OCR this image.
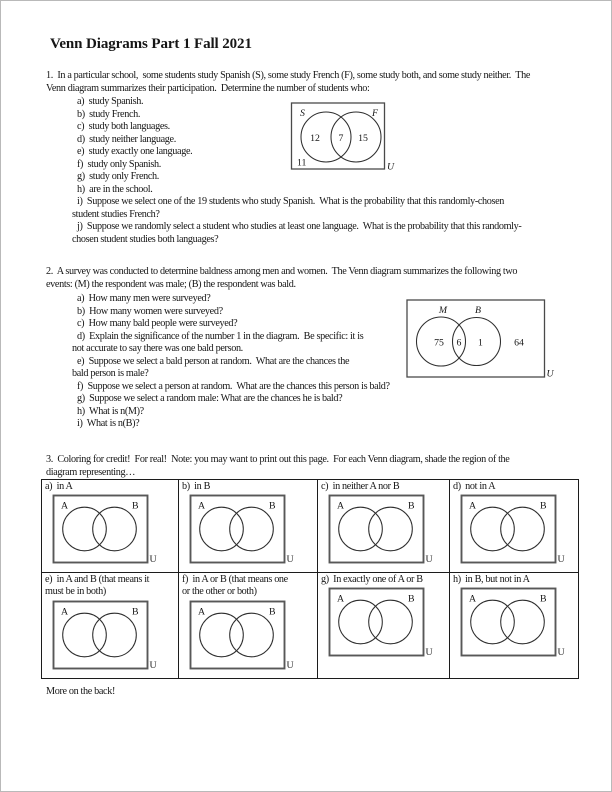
Venn Diagrams Part 1 Fall 2021
1.  In a particular school,  some students study Spanish (S), some study French (F), some study both, and some study neither.  The
Venn diagram summarizes their participation.  Determine the number of students who:
a)  study Spanish.
b)  study French.
c)  study both languages.
d)  study neither language.
e)  study exactly one language.
f)  study only Spanish.
g)  study only French.
h)  are in the school.
i)  Suppose we select one of the 19 students who study Spanish.  What is the probability that this randomly-chosen
student studies French?
j)  Suppose we randomly select a student who studies at least one language.  What is the probability that this randomly-
chosen student studies both languages?
S	F
12 7 15
11	U
2.  A survey was conducted to determine baldness among men and women.  The Venn diagram summarizes the following two
events: (M) the respondent was male; (B) the respondent was bald.
a)  How many men were surveyed?
b)  How many women were surveyed?
c)  How many bald people were surveyed?
d)  Explain the significance of the number 1 in the diagram.  Be specific: it is
not accurate to say there was one bald person.
e)  Suppose we select a bald person at random.  What are the chances the
bald person is male?
f)  Suppose we select a person at random.  What are the chances this person is bald?
g)  Suppose we select a random male: What are the chances he is bald?
h)  What is n(M)?
i)  What is n(B)?
M	B
75 6 1	64
U
3.  Coloring for credit!  For real!  Note: you may want to print out this page.  For each Venn diagram, shade the region of the
diagram representing…
a)  in A
A	B
U
b)  in B
A	B
U
c)  in neither A nor B
A	B
U
d)  not in A
A	B
U
e)  in A and B (that means it
must be in both)
A	B
U
f)  in A or B (that means one
or the other or both)
A	B
U
g)  In exactly one of A or B
A	B
U
h)  in B, but not in A
A	B
U
More on the back!
